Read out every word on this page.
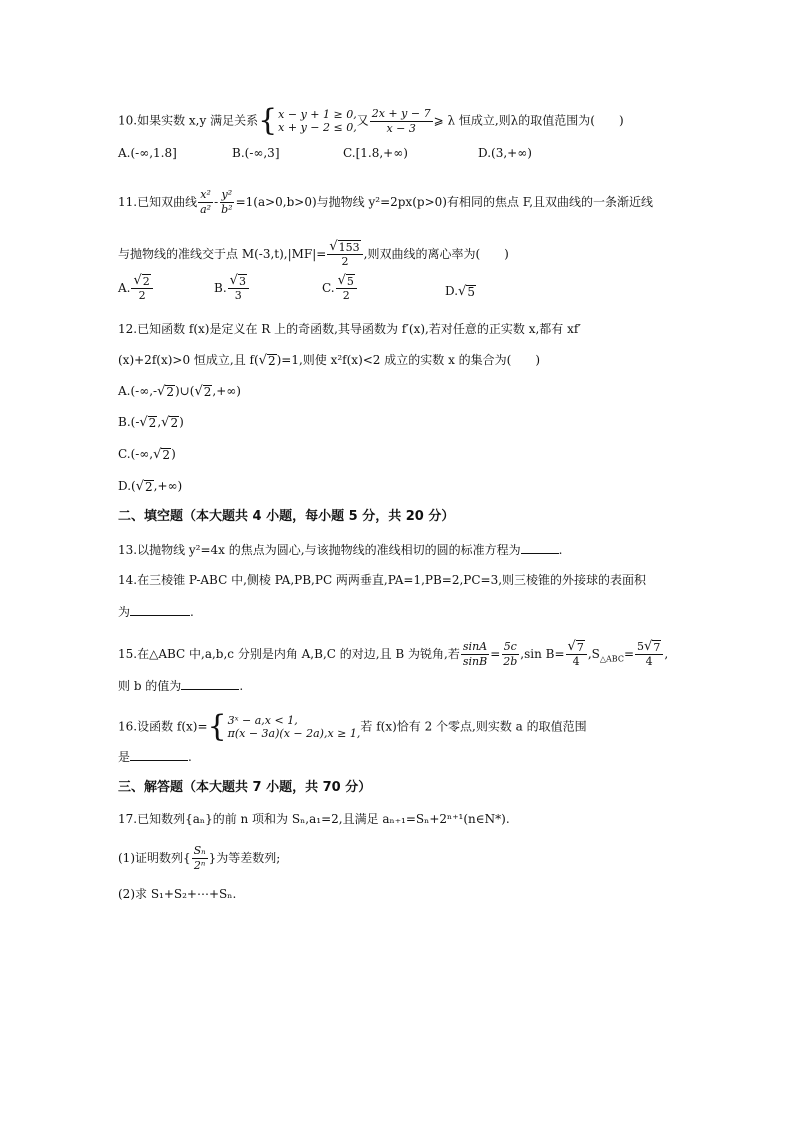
10.如果实数 x,y 满足关系 { x − y + 1 ≥ 0,
x + y − 2 ≤ 0, 又 $\frac{2x + y - 7}{x - 3}$ ⩾ λ 恒成立,则λ的取值范围为(　　)
A.(-∞,1.8]	B.(-∞,3]	C.[1.8,+∞)	D.(3,+∞)
11.已知双曲线 $\frac{\text{x²}}{\text{a²}} - \frac{\text{y²}}{\text{b²}} =1(a>0,b>0)$与抛物线 y²=2px(p>0)有相同的焦点 F,且双曲线的一条渐近线
与抛物线的准线交于点 $M(-3,t),|MF|= \frac{√ 153}{2}$ ,则双曲线的离心率为(　　)
A. $\frac{√ 2}{2}$	B. $\frac{√ 3}{3}$	C. $\frac{√ 5}{2}$	D. √ 5
12.已知函数 f(x)是定义在 R 上的奇函数,其导函数为 f′(x),若对任意的正实数 x,都有 xf′
(x)+2f(x)>0 恒成立,且 f( √ 2 )=1,则使 x²f(x)<2 成立的实数 x 的集合为(　　)
A.(-∞,- √ 2 )∪( √ 2 ,+∞)
B.(- √ 2 , √ 2 )
C.(-∞, √ 2 )
D.( √ 2 ,+∞)
二、填空题（本大题共 4 小题，每小题 5 分，共 20 分）
13.以抛物线 y²=4x 的焦点为圆心,与该抛物线的准线相切的圆的标准方程为	.
14.在三棱锥 P-ABC 中,侧棱 PA,PB,PC 两两垂直,PA=1,PB=2,PC=3,则三棱锥的外接球的表面积
为	.
15.在△ABC 中,a,b,c 分别是内角 A,B,C 的对边,且 B 为锐角,若 $\frac{\sin A}{\sin B} = \frac{5c}{2b} ,\sin$ $B= \frac{√ 7}{4} ,S_{\triangle ABC}= \frac{5 √ 7}{4}$ ,
则 b 的值为	.
16.设函数 f(x)= { 3ˣ − a,x < 1,
π(x − 3a)(x − 2a),x ≥ 1, 若 f(x)恰有 2 个零点,则实数 a 的取值范围
是	.
三、解答题（本大题共 7 小题，共 70 分）
17.已知数列{aₙ}的前 n 项和为 Sₙ,a₁=2,且满足 aₙ₊₁=Sₙ+2ⁿ⁺¹(n∈N*).
(1)证明数列{ $\frac{\text{Sₙ}}{\text{2ⁿ}}$ }为等差数列;
(2)求 S₁+S₂+⋯+Sₙ.
